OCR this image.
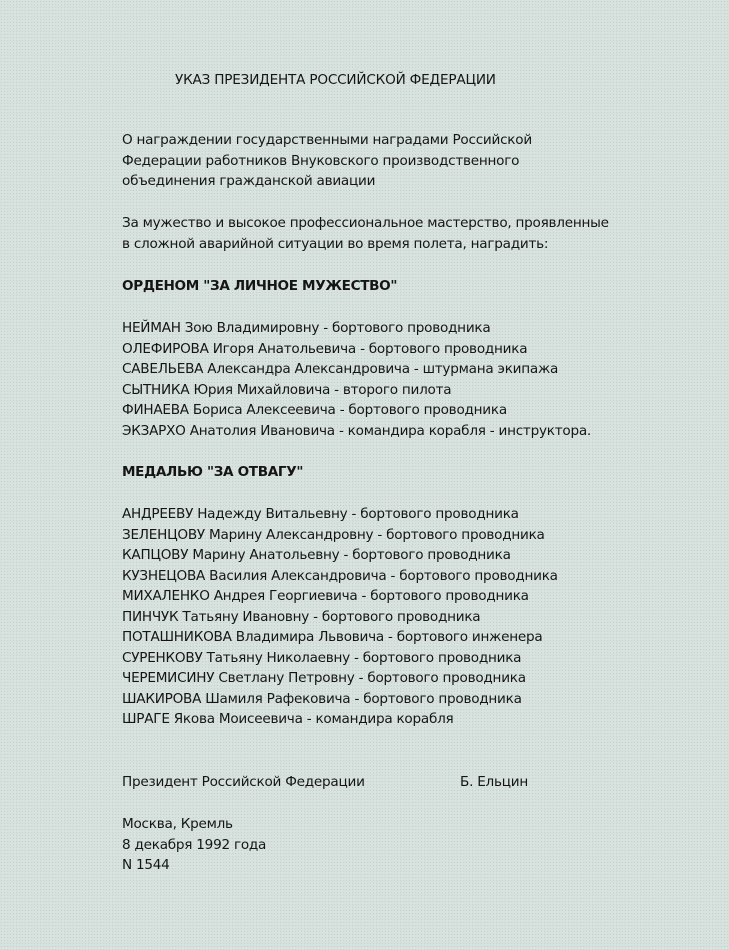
УКАЗ ПРЕЗИДЕНТА РОССИЙСКОЙ ФЕДЕРАЦИИ
О награждении государственными наградами Российской
Федерации работников Внуковского производственного
объединения гражданской авиации
За мужество и высокое профессиональное мастерство, проявленные
в сложной аварийной ситуации во время полета, наградить:
ОРДЕНОМ "ЗА ЛИЧНОЕ МУЖЕСТВО"
НЕЙМАН Зою Владимировну - бортового проводника
ОЛЕФИРОВА Игоря Анатольевича - бортового проводника
САВЕЛЬЕВА Александра Александровича - штурмана экипажа
СЫТНИКА Юрия Михайловича - второго пилота
ФИНАЕВА Бориса Алексеевича - бортового проводника
ЭКЗАРХО Анатолия Ивановича - командира корабля - инструктора.
МЕДАЛЬЮ "ЗА ОТВАГУ"
АНДРЕЕВУ Надежду Витальевну - бортового проводника
ЗЕЛЕНЦОВУ Марину Александровну - бортового проводника
КАПЦОВУ Марину Анатольевну - бортового проводника
КУЗНЕЦОВА Василия Александровича - бортового проводника
МИХАЛЕНКО Андрея Георгиевича - бортового проводника
ПИНЧУК Татьяну Ивановну - бортового проводника
ПОТАШНИКОВА Владимира Львовича - бортового инженера
СУРЕНКОВУ Татьяну Николаевну - бортового проводника
ЧЕРЕМИСИНУ Светлану Петровну - бортового проводника
ШАКИРОВА Шамиля Рафековича - бортового проводника
ШРАГЕ Якова Моисеевича - командира корабля
Президент Российской Федерации	Б. Ельцин
Москва, Кремль
8 декабря 1992 года
N 1544
